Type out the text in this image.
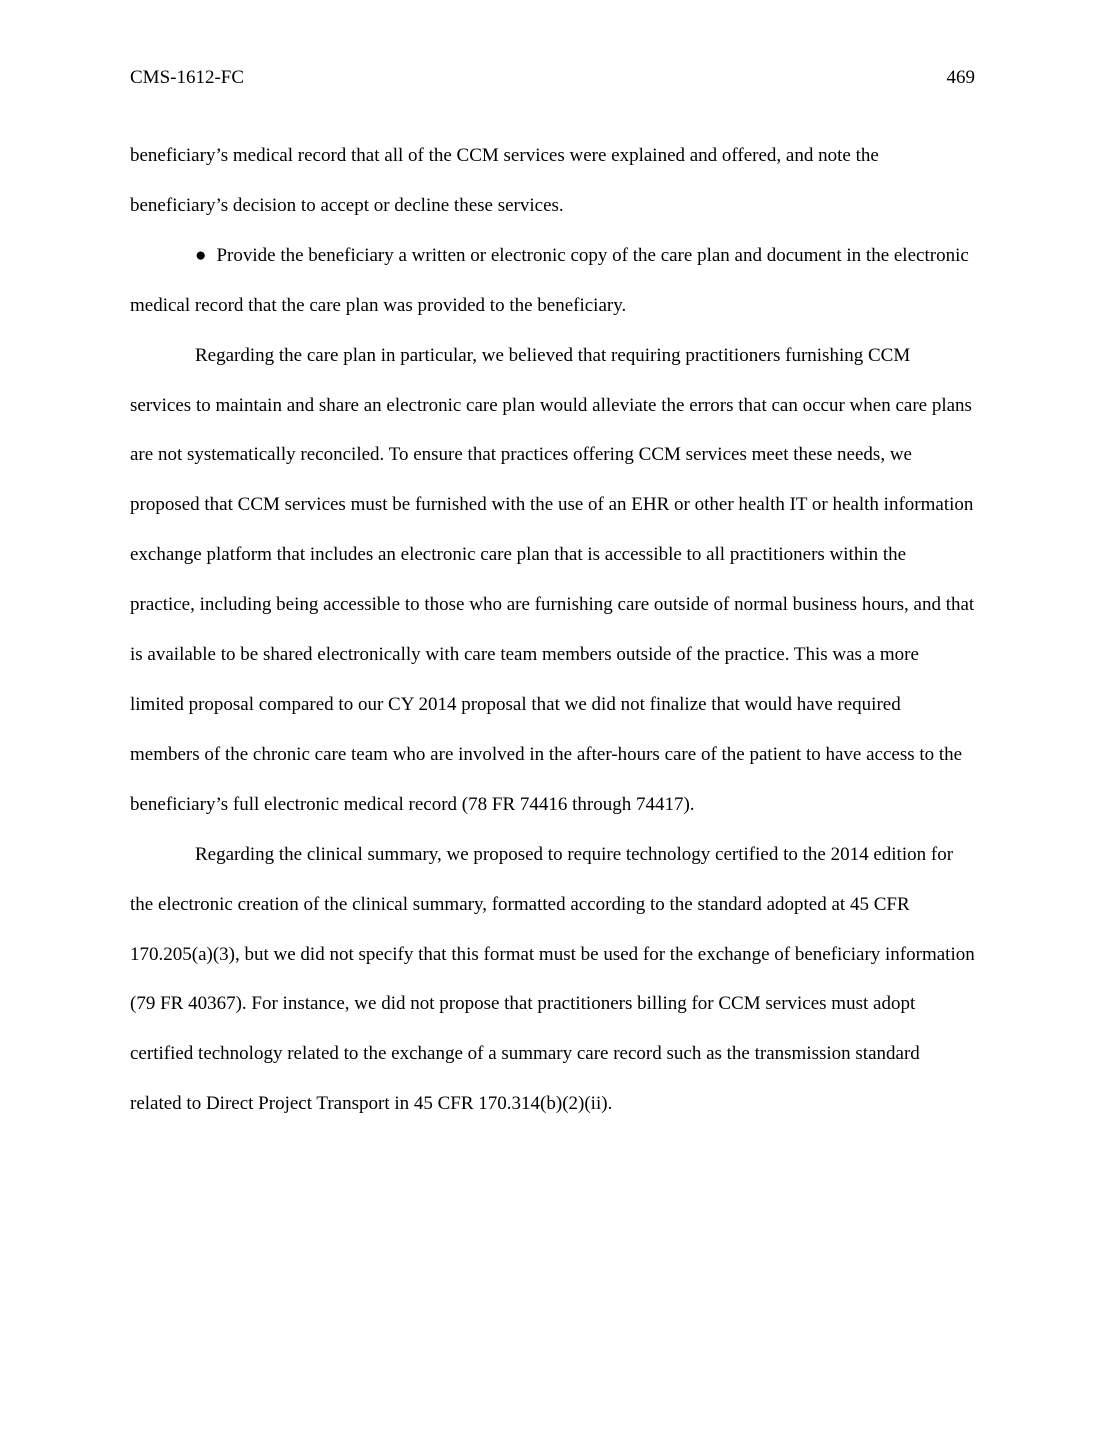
CMS-1612-FC	469

beneficiary’s medical record that all of the CCM services were explained and offered, and note the beneficiary’s decision to accept or decline these services.

● Provide the beneficiary a written or electronic copy of the care plan and document in the electronic medical record that the care plan was provided to the beneficiary.

Regarding the care plan in particular, we believed that requiring practitioners furnishing CCM services to maintain and share an electronic care plan would alleviate the errors that can occur when care plans are not systematically reconciled. To ensure that practices offering CCM services meet these needs, we proposed that CCM services must be furnished with the use of an EHR or other health IT or health information exchange platform that includes an electronic care plan that is accessible to all practitioners within the practice, including being accessible to those who are furnishing care outside of normal business hours, and that is available to be shared electronically with care team members outside of the practice. This was a more limited proposal compared to our CY 2014 proposal that we did not finalize that would have required members of the chronic care team who are involved in the after-hours care of the patient to have access to the beneficiary’s full electronic medical record (78 FR 74416 through 74417).

Regarding the clinical summary, we proposed to require technology certified to the 2014 edition for the electronic creation of the clinical summary, formatted according to the standard adopted at 45 CFR 170.205(a)(3), but we did not specify that this format must be used for the exchange of beneficiary information (79 FR 40367). For instance, we did not propose that practitioners billing for CCM services must adopt certified technology related to the exchange of a summary care record such as the transmission standard related to Direct Project Transport in 45 CFR 170.314(b)(2)(ii).
